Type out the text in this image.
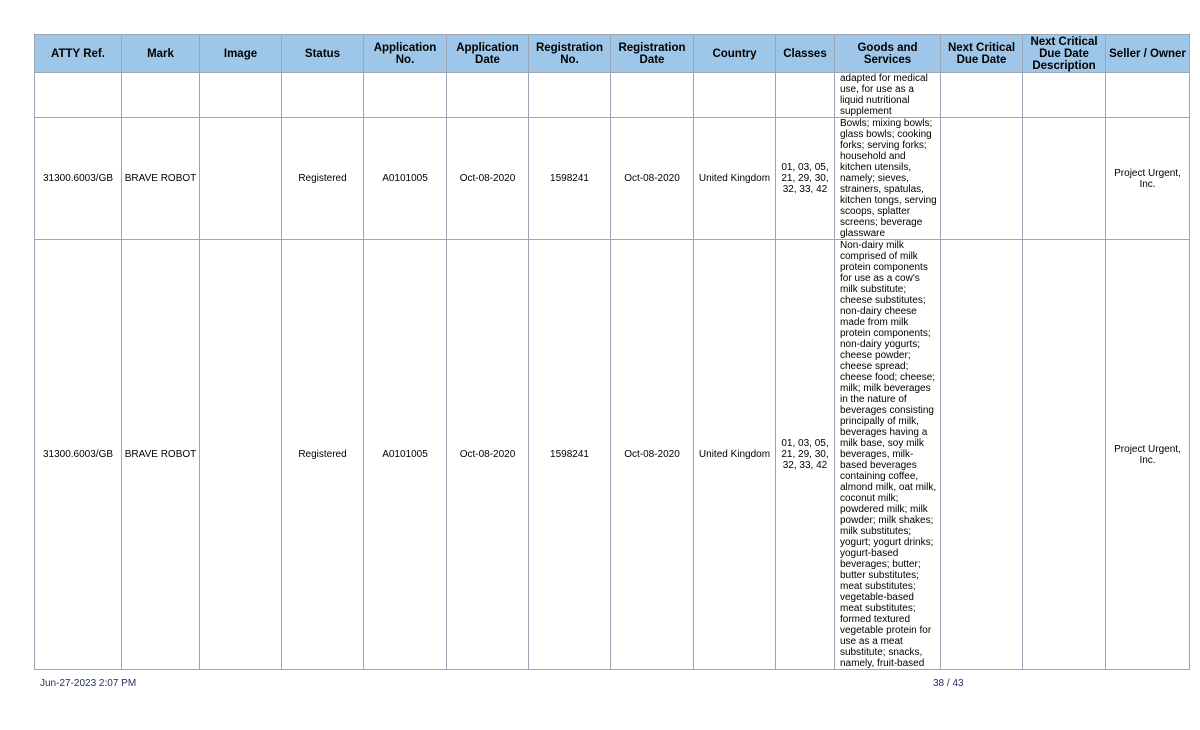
ATTY Ref.	Mark	Image	Status	Application No.	Application Date	Registration No.	Registration Date	Country	Classes	Goods and Services	Next Critical Due Date	Next Critical Due Date Description	Seller / Owner
										adapted for medical use, for use as a liquid nutritional supplement			
31300.6003/GB	BRAVE ROBOT		Registered	A0101005	Oct-08-2020	1598241	Oct-08-2020	United Kingdom	01, 03, 05, 21, 29, 30, 32, 33, 42	Bowls; mixing bowls; glass bowls; cooking forks; serving forks; household and kitchen utensils, namely; sieves, strainers, spatulas, kitchen tongs, serving scoops, splatter screens; beverage glassware			Project Urgent, Inc.
31300.6003/GB	BRAVE ROBOT		Registered	A0101005	Oct-08-2020	1598241	Oct-08-2020	United Kingdom	01, 03, 05, 21, 29, 30, 32, 33, 42	Non-dairy milk comprised of milk protein components for use as a cow's milk substitute; cheese substitutes; non-dairy cheese made from milk protein components; non-dairy yogurts; cheese powder; cheese spread; cheese food; cheese; milk; milk beverages in the nature of beverages consisting principally of milk, beverages having a milk base, soy milk beverages, milk-based beverages containing coffee, almond milk, oat milk, coconut milk; powdered milk; milk powder; milk shakes; milk substitutes; yogurt; yogurt drinks; yogurt-based beverages; butter; butter substitutes; meat substitutes; vegetable-based meat substitutes; formed textured vegetable protein for use as a meat substitute; snacks, namely, fruit-based			Project Urgent, Inc.
Jun-27-2023 2:07 PM	38 / 43
